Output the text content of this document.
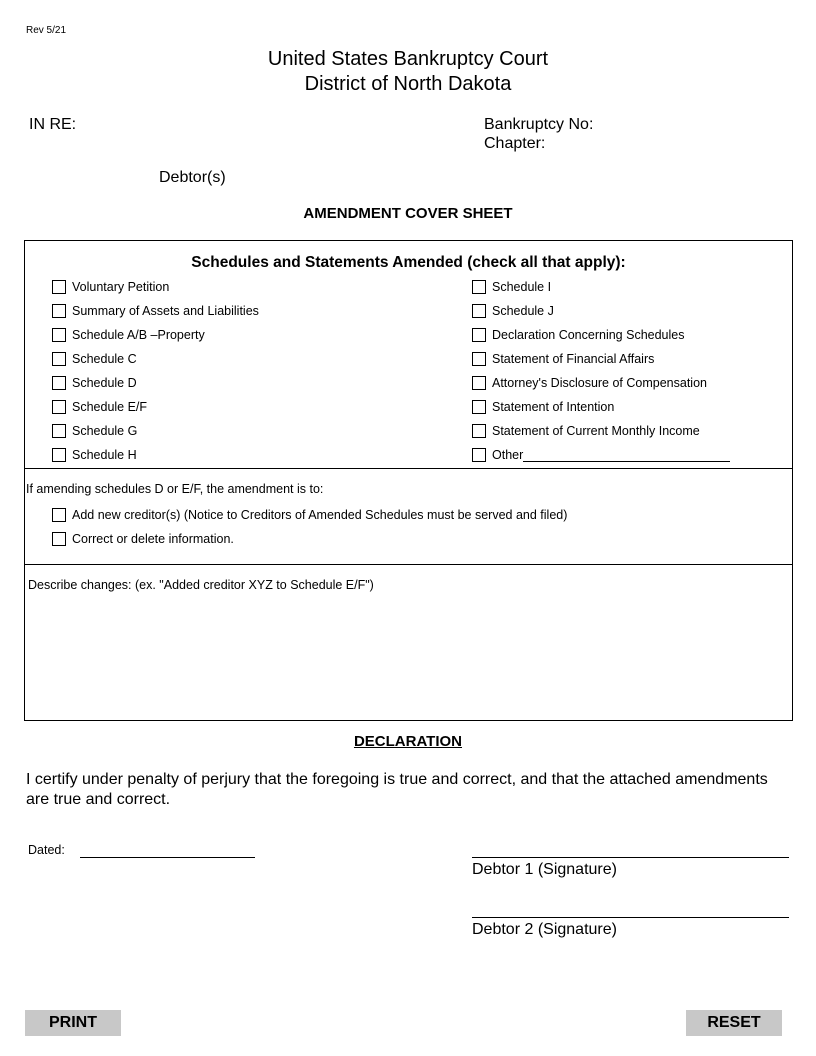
Rev 5/21
United States Bankruptcy Court
District of North Dakota
IN RE:	Bankruptcy No:
Chapter:
Debtor(s)
AMENDMENT COVER SHEET
Schedules and Statements Amended (check all that apply):
Voluntary Petition
Summary of Assets and Liabilities
Schedule A/B –Property
Schedule C
Schedule D
Schedule E/F
Schedule G
Schedule H
Schedule I
Schedule J
Declaration Concerning Schedules
Statement of Financial Affairs
Attorney's Disclosure of Compensation
Statement of Intention
Statement of Current Monthly Income
Other
If amending schedules D or E/F, the amendment is to:
Add new creditor(s) (Notice to Creditors of Amended Schedules must be served and filed)
Correct or delete information.
Describe changes: (ex. "Added creditor XYZ to Schedule E/F")
DECLARATION
I certify under penalty of perjury that the foregoing is true and correct, and that the attached amendments are true and correct.
Dated:
Debtor 1 (Signature)
Debtor 2 (Signature)
PRINT	RESET
